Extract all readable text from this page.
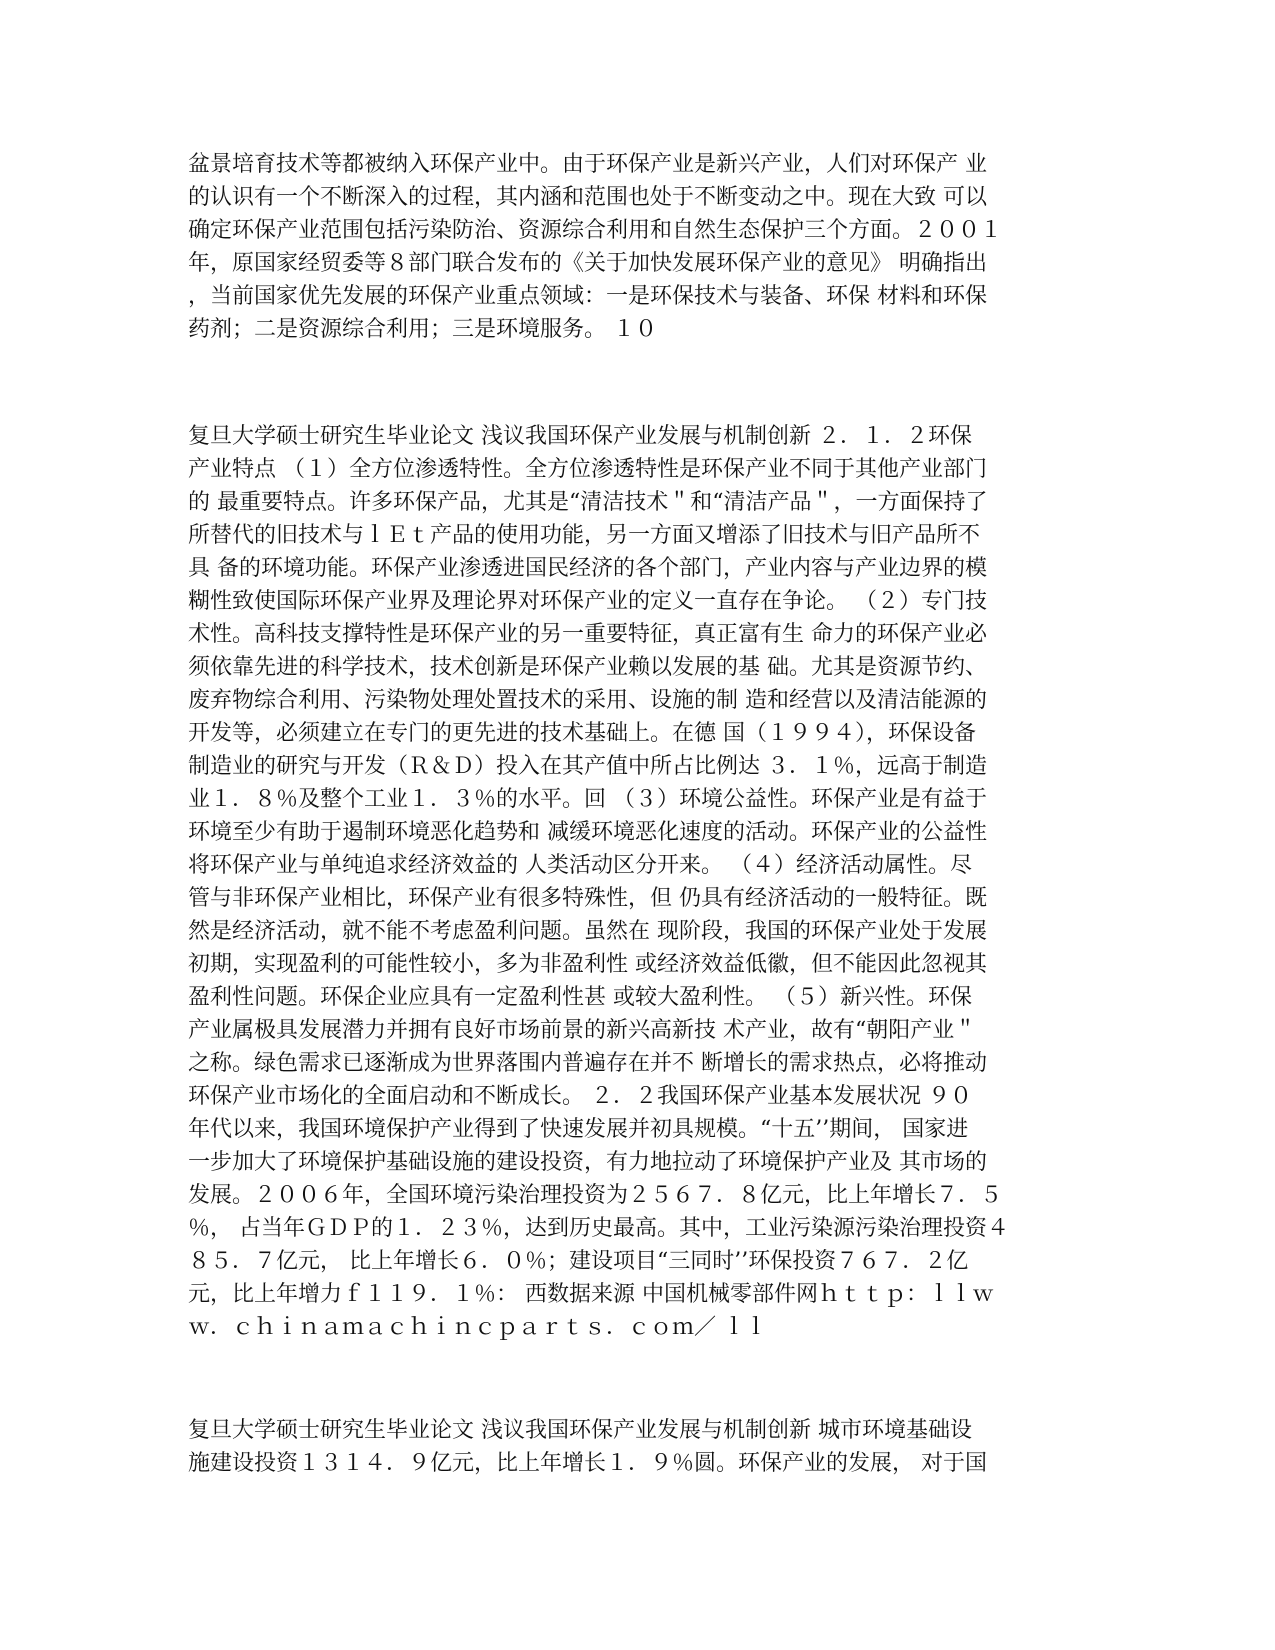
盆景培育技术等都被纳入环保产业中。由于环保产业是新兴产业，人们对环保产 业
的认识有一个不断深入的过程，其内涵和范围也处于不断变动之中。现在大致 可以
确定环保产业范围包括污染防治、资源综合利用和自然生态保护三个方面。２００１
年，原国家经贸委等８部门联合发布的《关于加快发展环保产业的意见》 明确指出
，当前国家优先发展的环保产业重点领域：一是环保技术与装备、环保 材料和环保
药剂；二是资源综合利用；三是环境服务。 １０
复旦大学硕士研究生毕业论文 浅议我国环保产业发展与机制创新 ２．１．２环保
产业特点 （１）全方位渗透特性。全方位渗透特性是环保产业不同于其他产业部门
的 最重要特点。许多环保产品，尤其是“清洁技术＂和“清洁产品＂，一方面保持了
所替代的旧技术与ｌＥｔ产品的使用功能，另一方面又增添了旧技术与旧产品所不
具 备的环境功能。环保产业渗透进国民经济的各个部门，产业内容与产业边界的模
糊性致使国际环保产业界及理论界对环保产业的定义一直存在争论。 （２）专门技
术性。高科技支撑特性是环保产业的另一重要特征，真正富有生 命力的环保产业必
须依靠先进的科学技术，技术创新是环保产业赖以发展的基 础。尤其是资源节约、
废弃物综合利用、污染物处理处置技术的采用、设施的制 造和经营以及清洁能源的
开发等，必须建立在专门的更先进的技术基础上。在德 国（１９９４），环保设备
制造业的研究与开发（Ｒ＆Ｄ）投入在其产值中所占比例达 ３．１％，远高于制造
业１．８％及整个工业１．３％的水平。回 （３）环境公益性。环保产业是有益于
环境至少有助于遏制环境恶化趋势和 减缓环境恶化速度的活动。环保产业的公益性
将环保产业与单纯追求经济效益的 人类活动区分开来。 （４）经济活动属性。尽
管与非环保产业相比，环保产业有很多特殊性，但 仍具有经济活动的一般特征。既
然是经济活动，就不能不考虑盈利问题。虽然在 现阶段，我国的环保产业处于发展
初期，实现盈利的可能性较小，多为非盈利性 或经济效益低徽，但不能因此忽视其
盈利性问题。环保企业应具有一定盈利性甚 或较大盈利性。 （５）新兴性。环保
产业属极具发展潜力并拥有良好市场前景的新兴高新技 术产业，故有“朝阳产业＂
之称。绿色需求已逐渐成为世界落围内普遍存在并不 断增长的需求热点，必将推动
环保产业市场化的全面启动和不断成长。 ２．２我国环保产业基本发展状况 ９０
年代以来，我国环境保护产业得到了快速发展并初具规模。“十五’’期间， 国家进
一步加大了环境保护基础设施的建设投资，有力地拉动了环境保护产业及 其市场的
发展。２００６年，全国环境污染治理投资为２５６７．８亿元，比上年增长７．５
％， 占当年ＧＤＰ的１．２３％，达到历史最高。其中，工业污染源污染治理投资４
８５．７亿元， 比上年增长６．０％；建设项目“三同时’’环保投资７６７．２亿
元，比上年增力ｆ１１９．１％： 西数据来源 中国机械零部件网ｈｔｔｐ：ｌｌｗ
ｗ．ｃｈｉｎａｍａｃｈｉｎｃｐａｒｔｓ．ｃｏｍ／ ｌｌ
复旦大学硕士研究生毕业论文 浅议我国环保产业发展与机制创新 城市环境基础设
施建设投资１３１４．９亿元，比上年增长１．９％圆。环保产业的发展， 对于国
